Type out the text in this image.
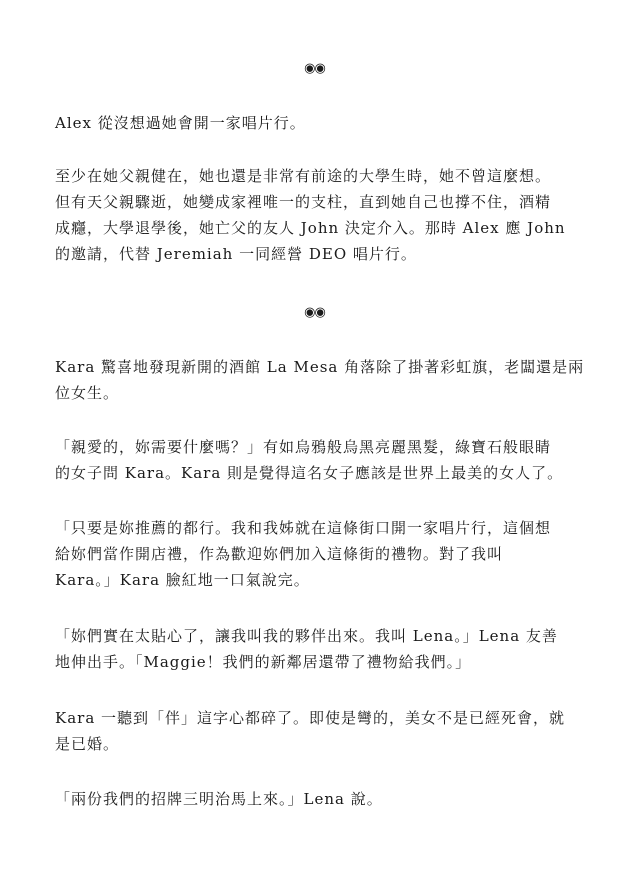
◉◉
Alex 從沒想過她會開一家唱片行。
至少在她父親健在，她也還是非常有前途的大學生時，她不曾這麼想。
但有天父親驟逝，她變成家裡唯一的支柱，直到她自己也撐不住，酒精
成癮，大學退學後，她亡父的友人 John 決定介入。那時 Alex 應 John
的邀請，代替 Jeremiah 一同經營 DEO 唱片行。
◉◉
Kara 驚喜地發現新開的酒館 La Mesa 角落除了掛著彩虹旗，老闆還是兩
位女生。
「親愛的，妳需要什麼嗎？」有如烏鴉般烏黑亮麗黑髮，綠寶石般眼睛
的女子問 Kara。Kara 則是覺得這名女子應該是世界上最美的女人了。
「只要是妳推薦的都行。我和我姊就在這條街口開一家唱片行，這個想
給妳們當作開店禮，作為歡迎妳們加入這條街的禮物。對了我叫
Kara。」Kara 臉紅地一口氣說完。
「妳們實在太貼心了，讓我叫我的夥伴出來。我叫 Lena。」Lena 友善
地伸出手。「Maggie！我們的新鄰居還帶了禮物給我們。」
Kara 一聽到「伴」這字心都碎了。即使是彎的，美女不是已經死會，就
是已婚。
「兩份我們的招牌三明治馬上來。」Lena 說。
